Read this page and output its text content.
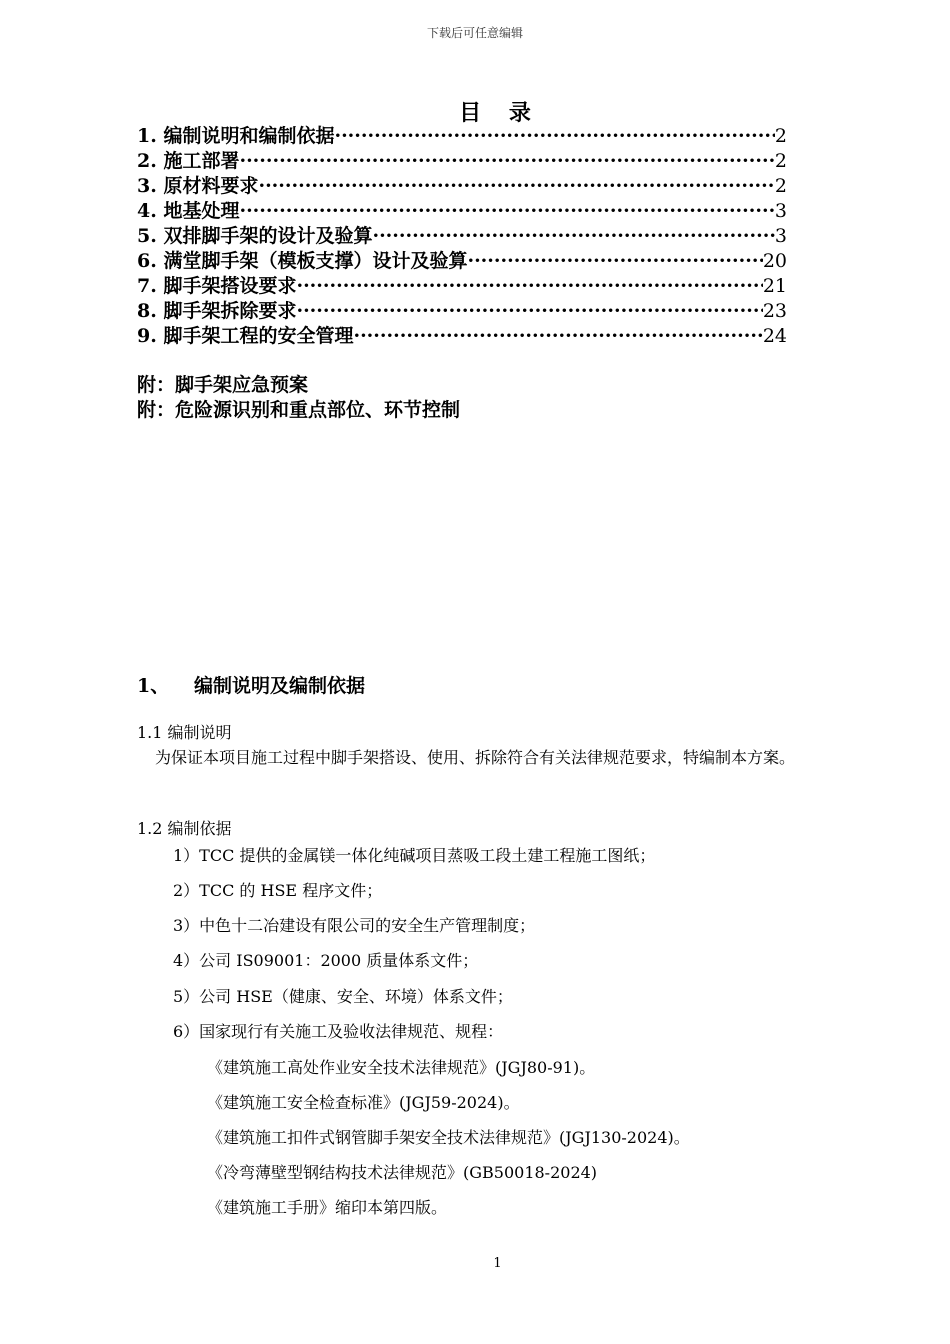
下载后可任意编辑
目 录
1. 编制说明和编制依据 ·····	2
2. 施工部署 ·····	2
3. 原材料要求 ·····	2
4. 地基处理 ·····	3
5. 双排脚手架的设计及验算 ·····	3
6. 满堂脚手架（模板支撑）设计及验算 ·····	20
7. 脚手架搭设要求 ·····	21
8. 脚手架拆除要求 ·····	23
9. 脚手架工程的安全管理 ·····	24
附：脚手架应急预案
附：危险源识别和重点部位、环节控制
1、 编制说明及编制依据
1.1 编制说明
为保证本项目施工过程中脚手架搭设、使用、拆除符合有关法律规范要求，特编制本方案。
1.2 编制依据
1）TCC 提供的金属镁一体化纯碱项目蒸吸工段土建工程施工图纸；
2）TCC 的 HSE 程序文件；
3）中色十二冶建设有限公司的安全生产管理制度；
4）公司 IS09001：2000 质量体系文件；
5）公司 HSE（健康、安全、环境）体系文件；
6）国家现行有关施工及验收法律规范、规程：
《建筑施工高处作业安全技术法律规范》(JGJ80-91)。
《建筑施工安全检查标准》(JGJ59-2024)。
《建筑施工扣件式钢管脚手架安全技术法律规范》(JGJ130-2024)。
《冷弯薄壁型钢结构技术法律规范》(GB50018-2024)
《建筑施工手册》缩印本第四版。
1
